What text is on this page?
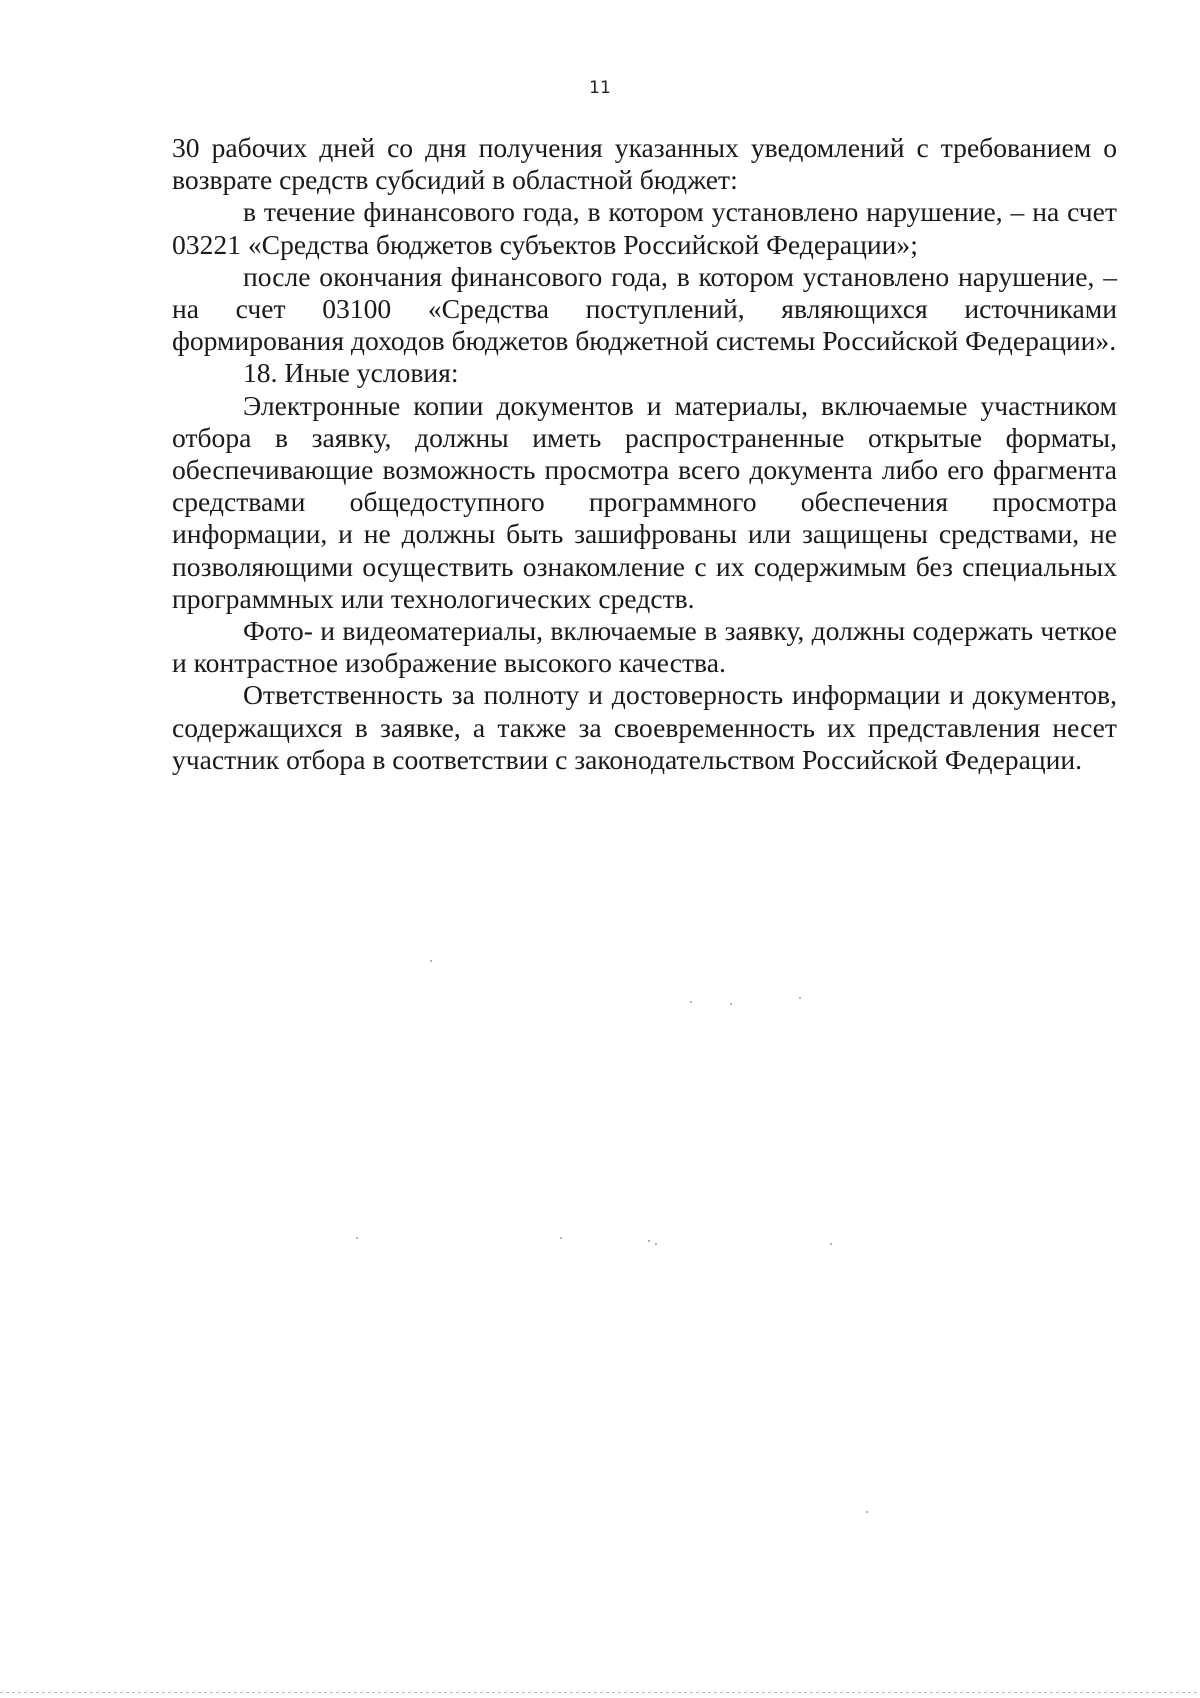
11

30 рабочих дней со дня получения указанных уведомлений с требованием о возврате средств субсидий в областной бюджет:

в течение финансового года, в котором установлено нарушение, – на счет 03221 «Средства бюджетов субъектов Российской Федерации»;

после окончания финансового года, в котором установлено нарушение, – на счет 03100 «Средства поступлений, являющихся источниками формирования доходов бюджетов бюджетной системы Российской Федерации».

18. Иные условия:

Электронные копии документов и материалы, включаемые участником отбора в заявку, должны иметь распространенные открытые форматы, обеспечивающие возможность просмотра всего документа либо его фрагмента средствами общедоступного программного обеспечения просмотра информации, и не должны быть зашифрованы или защищены средствами, не позволяющими осуществить ознакомление с их содержимым без специальных программных или технологических средств.

Фото- и видеоматериалы, включаемые в заявку, должны содержать четкое и контрастное изображение высокого качества.

Ответственность за полноту и достоверность информации и документов, содержащихся в заявке, а также за своевременность их представления несет участник отбора в соответствии с законодательством Российской Федерации.
